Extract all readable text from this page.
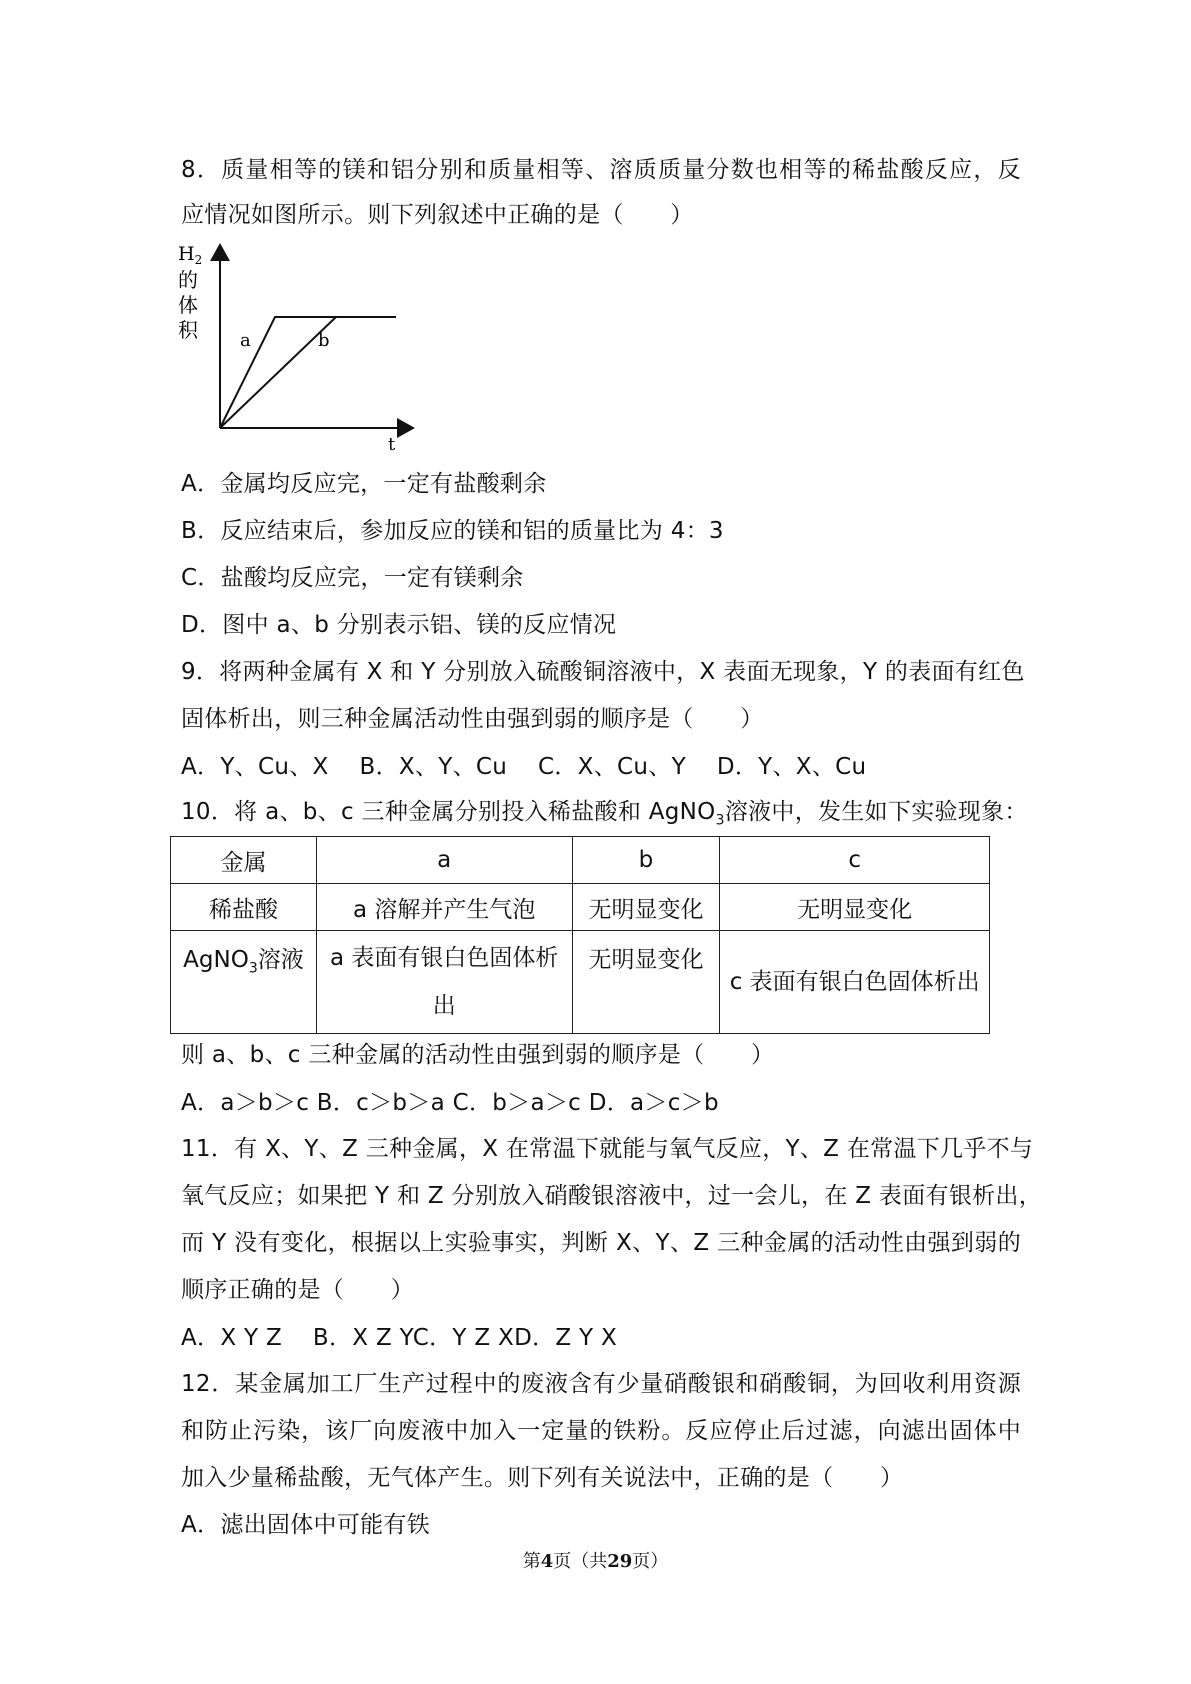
8．质量相等的镁和铝分别和质量相等、溶质质量分数也相等的稀盐酸反应，反
应情况如图所示。则下列叙述中正确的是（　　）
$H_2$
的
体
积 a	b
t
A．金属均反应完，一定有盐酸剩余
B．反应结束后，参加反应的镁和铝的质量比为 4：3
C．盐酸均反应完，一定有镁剩余
D．图中 a、b 分别表示铝、镁的反应情况
9．将两种金属有 X 和 Y 分别放入硫酸铜溶液中，X 表面无现象，Y 的表面有红色
固体析出，则三种金属活动性由强到弱的顺序是（　　）
A．Y、Cu、X　 B．X、Y、Cu　 C．X、Cu、Y　 D．Y、X、Cu
10．将 a、b、c 三种金属分别投入稀盐酸和 AgNO$_3$溶液中，发生如下实验现象：
金属	a	b	c
稀盐酸	a 溶解并产生气泡	无明显变化	无明显变化
AgNO$_3$溶液	a 表面有银白色固体析出	无明显变化	c 表面有银白色固体析出
则 a、b、c 三种金属的活动性由强到弱的顺序是（　　）
A．a＞b＞c B．c＞b＞a C．b＞a＞c D．a＞c＞b
11．有 X、Y、Z 三种金属，X 在常温下就能与氧气反应，Y、Z 在常温下几乎不与
氧气反应；如果把 Y 和 Z 分别放入硝酸银溶液中，过一会儿，在 Z 表面有银析出，
而 Y 没有变化，根据以上实验事实，判断 X、Y、Z 三种金属的活动性由强到弱的
顺序正确的是（　　）
A．X Y Z　 B．X Z YC．Y Z XD．Z Y X
12．某金属加工厂生产过程中的废液含有少量硝酸银和硝酸铜，为回收利用资源
和防止污染，该厂向废液中加入一定量的铁粉。反应停止后过滤，向滤出固体中
加入少量稀盐酸，无气体产生。则下列有关说法中，正确的是（　　）
A．滤出固体中可能有铁
第4页（共29页）
